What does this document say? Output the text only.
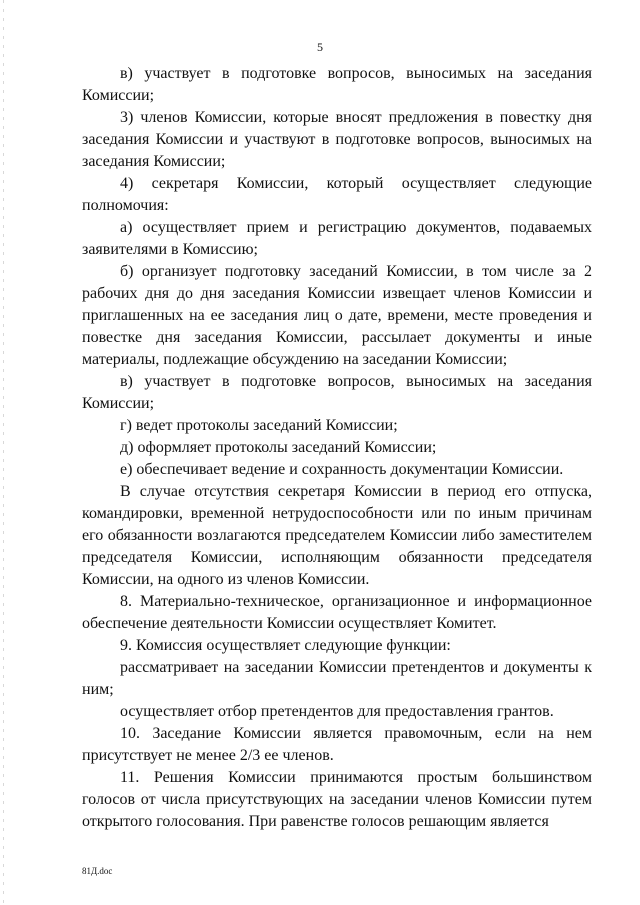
5

в) участвует в подготовке вопросов, выносимых на заседания Комиссии;

3) членов Комиссии, которые вносят предложения в повестку дня заседания Комиссии и участвуют в подготовке вопросов, выносимых на заседания Комиссии;

4) секретаря Комиссии, который осуществляет следующие полномочия:

а) осуществляет прием и регистрацию документов, подаваемых заявителями в Комиссию;

б) организует подготовку заседаний Комиссии, в том числе за 2 рабочих дня до дня заседания Комиссии извещает членов Комиссии и приглашенных на ее заседания лиц о дате, времени, месте проведения и повестке дня заседания Комиссии, рассылает документы и иные материалы, подлежащие обсуждению на заседании Комиссии;

в) участвует в подготовке вопросов, выносимых на заседания Комиссии;

г) ведет протоколы заседаний Комиссии;

д) оформляет протоколы заседаний Комиссии;

е) обеспечивает ведение и сохранность документации Комиссии.

В случае отсутствия секретаря Комиссии в период его отпуска, командировки, временной нетрудоспособности или по иным причинам его обязанности возлагаются председателем Комиссии либо заместителем председателя Комиссии, исполняющим обязанности председателя Комиссии, на одного из членов Комиссии.

8. Материально-техническое, организационное и информационное обеспечение деятельности Комиссии осуществляет Комитет.

9. Комиссия осуществляет следующие функции:

рассматривает на заседании Комиссии претендентов и документы к ним;

осуществляет отбор претендентов для предоставления грантов.

10. Заседание Комиссии является правомочным, если на нем присутствует не менее 2/3 ее членов.

11. Решения Комиссии принимаются простым большинством голосов от числа присутствующих на заседании членов Комиссии путем открытого голосования. При равенстве голосов решающим является

81Д.doc
